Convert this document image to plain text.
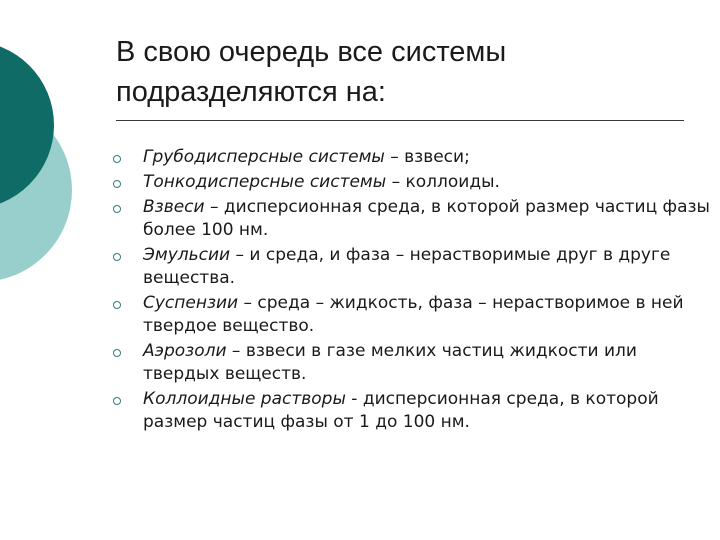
В свою очередь все системы
подразделяются на:
Грубодисперсные системы – взвеси;
Тонкодисперсные системы – коллоиды.
Взвеси – дисперсионная среда, в которой размер частиц фазы более 100 нм.
Эмульсии – и среда, и фаза – нерастворимые друг в друге вещества.
Суспензии – среда – жидкость, фаза – нерастворимое в ней твердое вещество.
Аэрозоли – взвеси в газе мелких частиц жидкости или твердых веществ.
Коллоидные растворы - дисперсионная среда, в которой размер частиц фазы от 1 до 100 нм.
